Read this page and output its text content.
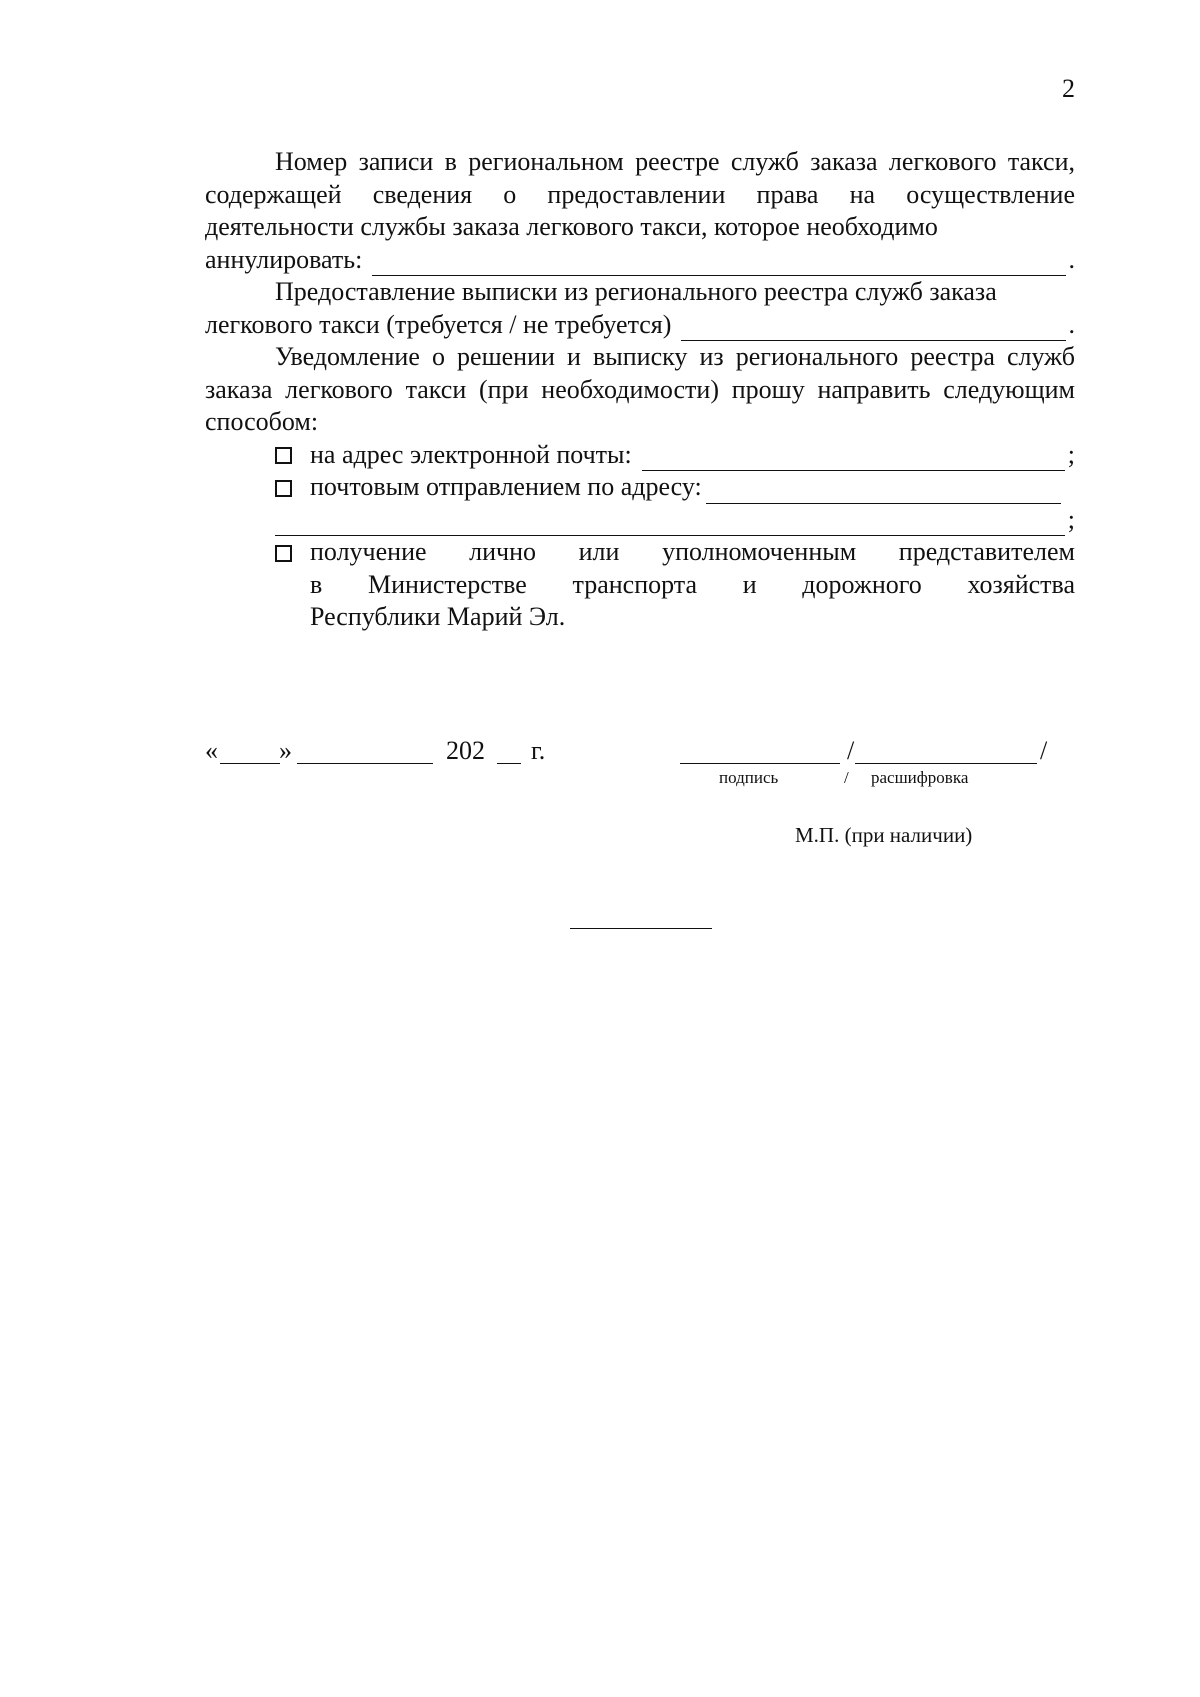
2

Номер записи в региональном реестре служб заказа легкового такси, содержащей сведения о предоставлении права на осуществление деятельности службы заказа легкового такси, которое необходимо

аннулировать:	.
Предоставление выписки из регионального реестра служб заказа
легкового такси (требуется / не требуется)	.

Уведомление о решении и выписку из регионального реестра служб заказа легкового такси (при необходимости) прошу направить следующим способом:

на адрес электронной почты:	;
почтовым отправлением по адресу:
;
получение лично или уполномоченным представителем
в Министерстве транспорта и дорожного хозяйства
Республики Марий Эл.
« »	202 г.	/	/
подпись	/ расшифровка
М.П. (при наличии)
